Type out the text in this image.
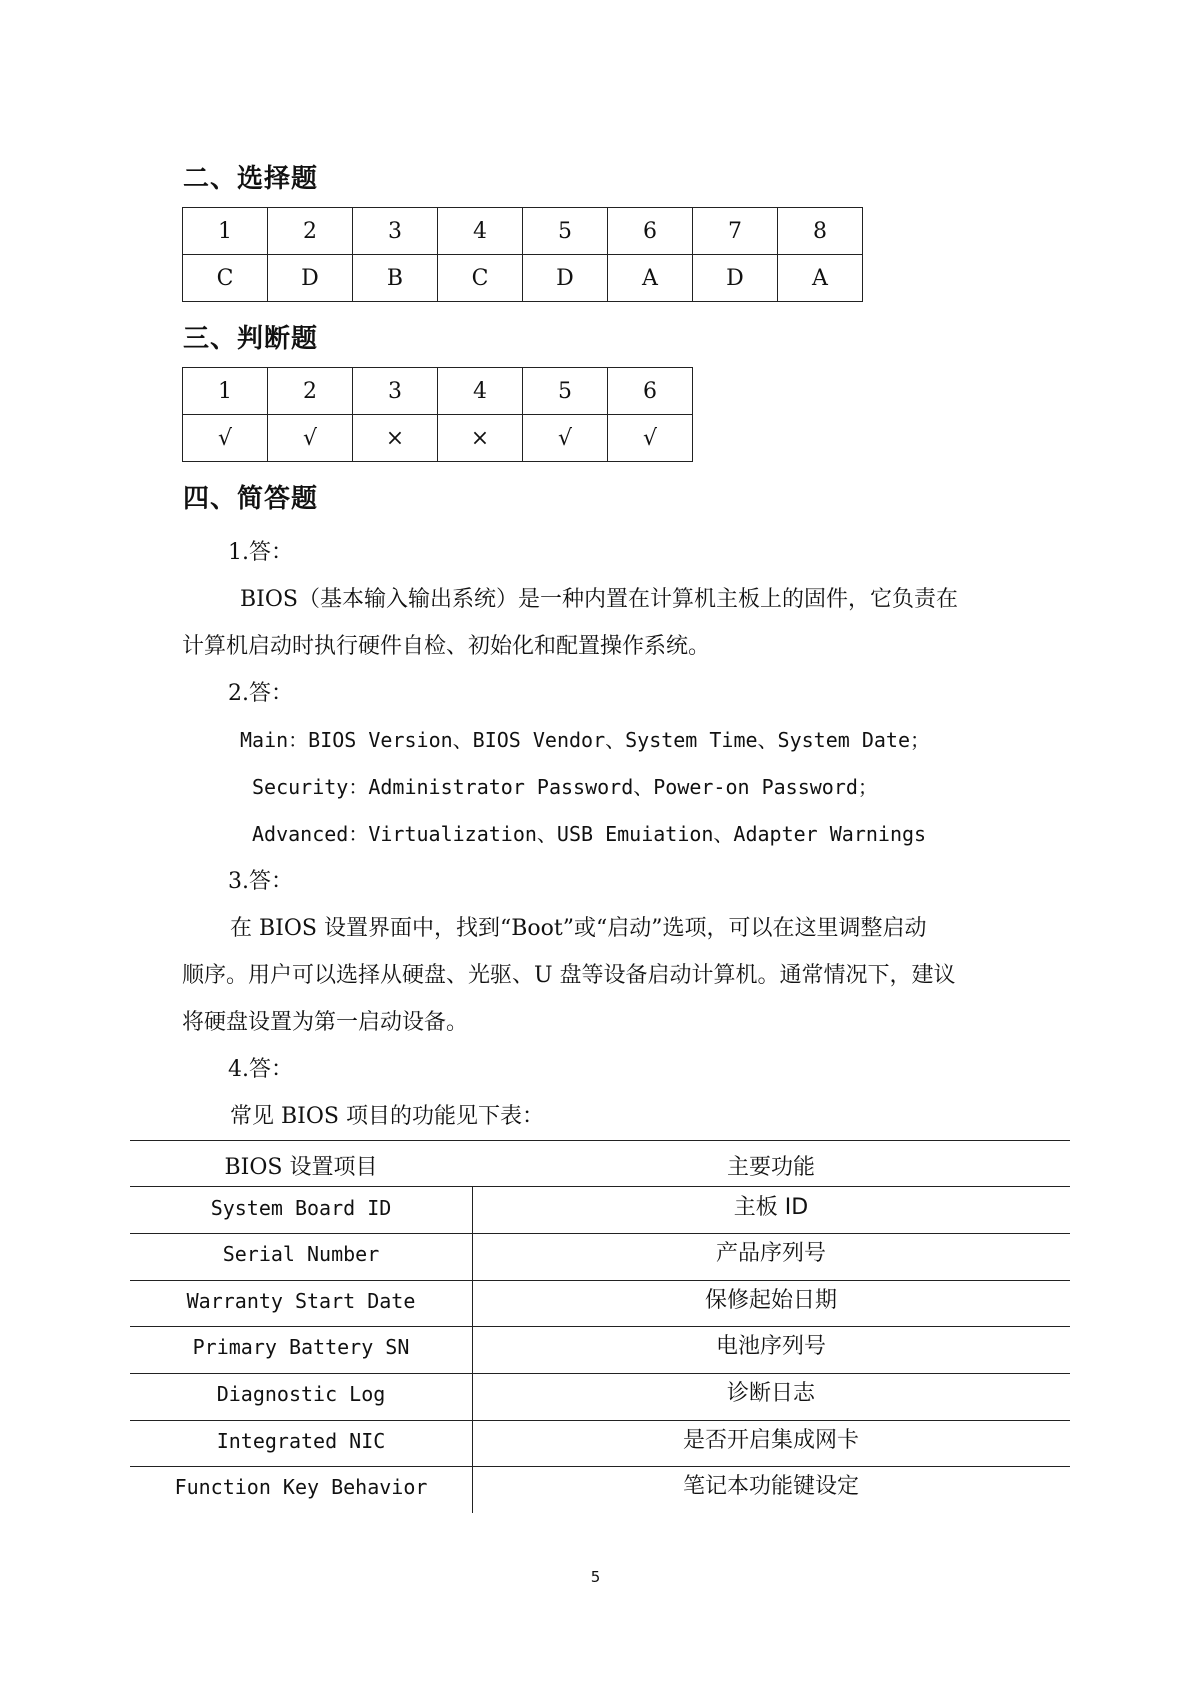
二、选择题
1	2	3	4	5	6	7	8
C	D	B	C	D	A	D	A
三、判断题
1	2	3	4	5	6
√	√	×	×	√	√
四、简答题
1.答：
BIOS（基本输入输出系统）是一种内置在计算机主板上的固件，它负责在
计算机启动时执行硬件自检、初始化和配置操作系统。
2.答：
Main：BIOS Version、BIOS Vendor、System Time、System Date；
Security：Administrator Password、Power-on Password；
Advanced：Virtualization、USB Emuiation、Adapter Warnings
3.答：
在 BIOS 设置界面中，找到“Boot”或“启动”选项，可以在这里调整启动
顺序。用户可以选择从硬盘、光驱、U 盘等设备启动计算机。通常情况下，建议
将硬盘设置为第一启动设备。
4.答：
常见 BIOS 项目的功能见下表：
BIOS 设置项目	主要功能
System Board ID	主板 ID
Serial Number	产品序列号
Warranty Start Date	保修起始日期
Primary Battery SN	电池序列号
Diagnostic Log	诊断日志
Integrated NIC	是否开启集成网卡
Function Key Behavior	笔记本功能键设定
5
